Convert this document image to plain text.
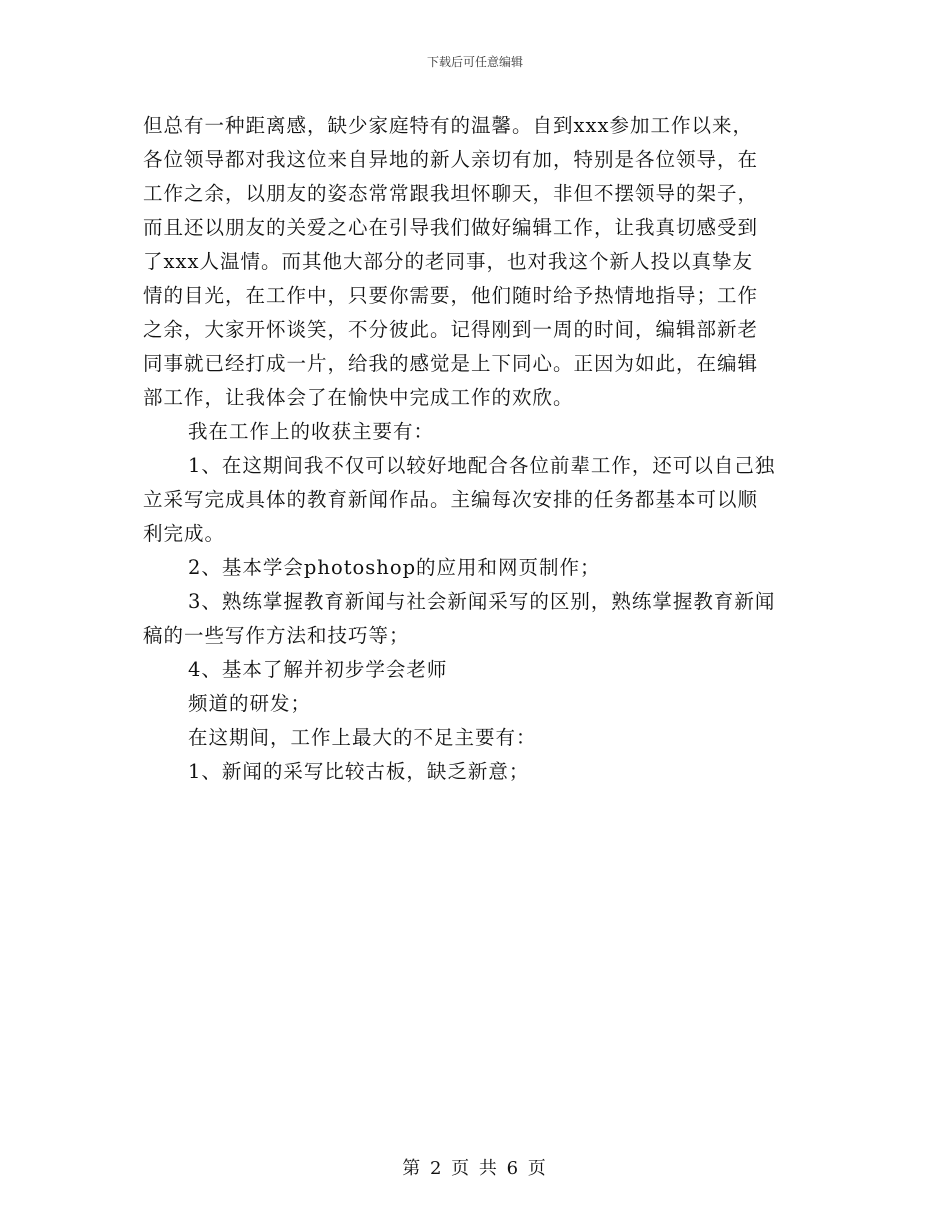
下载后可任意编辑
但总有一种距离感，缺少家庭特有的温馨。自到xxx参加工作以来，
各位领导都对我这位来自异地的新人亲切有加，特别是各位领导，在
工作之余，以朋友的姿态常常跟我坦怀聊天，非但不摆领导的架子，
而且还以朋友的关爱之心在引导我们做好编辑工作，让我真切感受到
了xxx人温情。而其他大部分的老同事，也对我这个新人投以真挚友
情的目光，在工作中，只要你需要，他们随时给予热情地指导；工作
之余，大家开怀谈笑，不分彼此。记得刚到一周的时间，编辑部新老
同事就已经打成一片，给我的感觉是上下同心。正因为如此，在编辑
部工作，让我体会了在愉快中完成工作的欢欣。
我在工作上的收获主要有：
1、在这期间我不仅可以较好地配合各位前辈工作，还可以自己独
立采写完成具体的教育新闻作品。主编每次安排的任务都基本可以顺
利完成。
2、基本学会photoshop的应用和网页制作；
3、熟练掌握教育新闻与社会新闻采写的区别，熟练掌握教育新闻
稿的一些写作方法和技巧等；
4、基本了解并初步学会老师
频道的研发；
在这期间，工作上最大的不足主要有：
1、新闻的采写比较古板，缺乏新意；
第 2 页 共 6 页
